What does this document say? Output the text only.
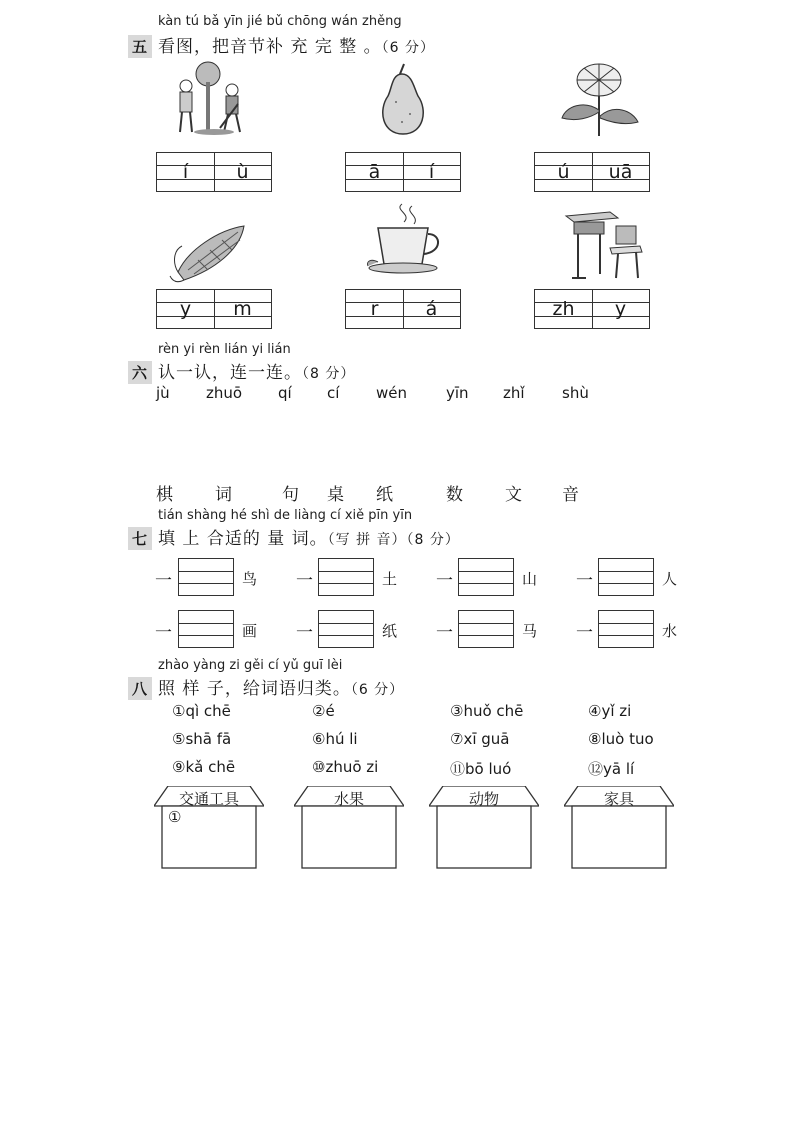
kàn tú bǎ yīn jié bǔ chōng wán zhěng
五 看图，把音节补 充 完 整 。（6 分）
í	ù	ā	í	ú	uā
y	m	r	á	zh	y
rèn yi rèn lián yi lián
六 认一认，连一连。（8 分）
jù zhuō qí cí wén	yīn zhǐ shù
棋 词	句 桌 纸	数 文 音
tián shàng hé shì de liàng cí xiě pīn yīn
七 填 上 合适的 量 词。（写 拼 音）（8 分）
一	鸟 一	土 一	山 一	人
一	画 一	纸 一	马 一	水
zhào yàng zi gěi cí yǔ guī lèi
八 照 样 子，给词语归类。（6 分）
①qì chē	②é	③huǒ chē	④yǐ zi
⑤shā fā	⑥hú li	⑦xī guā	⑧luò tuo
⑨kǎ chē	⑩zhuō zi	⑪bō luó	⑫yā lí
交通工具
①
水果	动物	家具
